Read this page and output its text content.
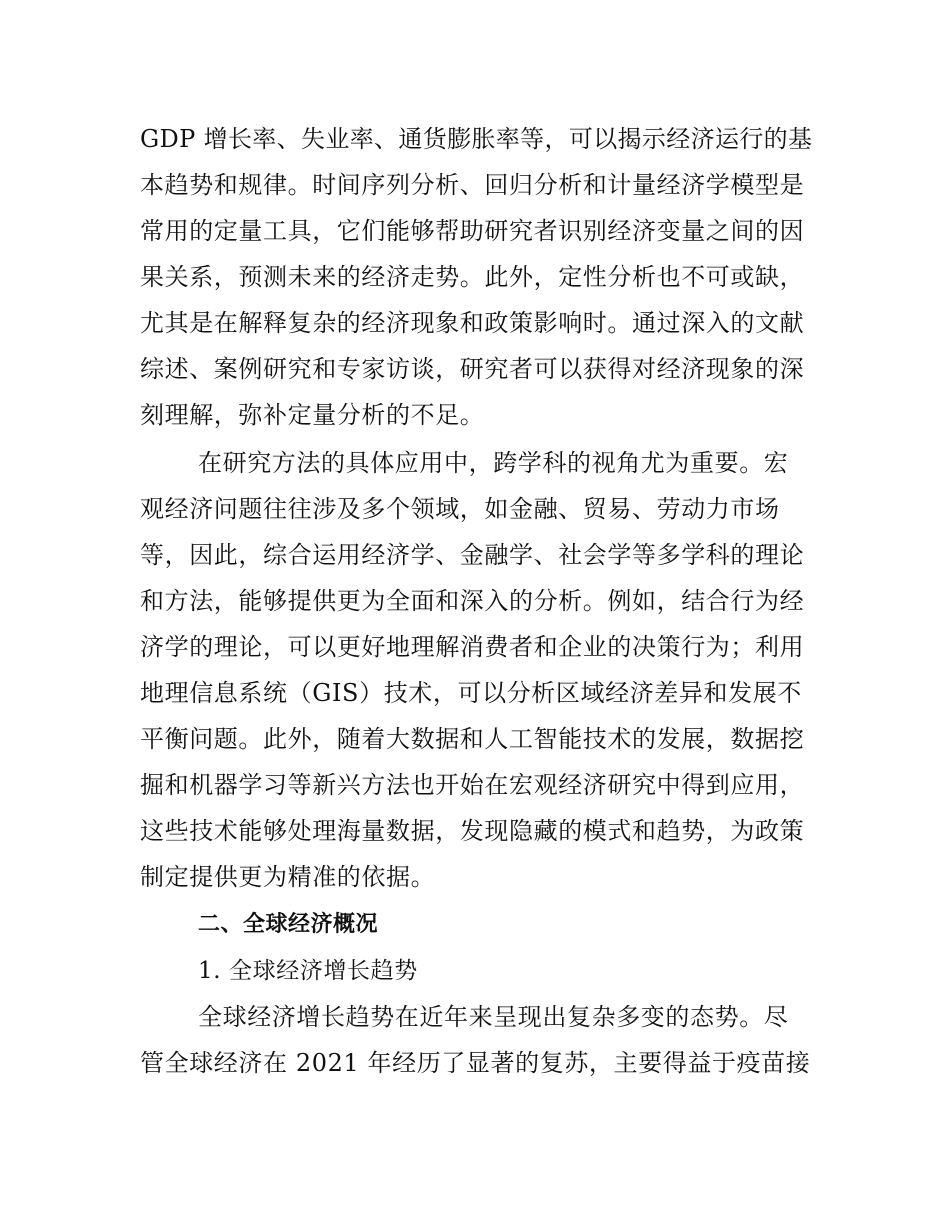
GDP 增长率、失业率、通货膨胀率等，可以揭示经济运行的基
本趋势和规律。时间序列分析、回归分析和计量经济学模型是
常用的定量工具，它们能够帮助研究者识别经济变量之间的因
果关系，预测未来的经济走势。此外，定性分析也不可或缺，
尤其是在解释复杂的经济现象和政策影响时。通过深入的文献
综述、案例研究和专家访谈，研究者可以获得对经济现象的深
刻理解，弥补定量分析的不足。
在研究方法的具体应用中，跨学科的视角尤为重要。宏
观经济问题往往涉及多个领域，如金融、贸易、劳动力市场
等，因此，综合运用经济学、金融学、社会学等多学科的理论
和方法，能够提供更为全面和深入的分析。例如，结合行为经
济学的理论，可以更好地理解消费者和企业的决策行为；利用
地理信息系统（GIS）技术，可以分析区域经济差异和发展不
平衡问题。此外，随着大数据和人工智能技术的发展，数据挖
掘和机器学习等新兴方法也开始在宏观经济研究中得到应用，
这些技术能够处理海量数据，发现隐藏的模式和趋势，为政策
制定提供更为精准的依据。
二、全球经济概况
1. 全球经济增长趋势
全球经济增长趋势在近年来呈现出复杂多变的态势。尽
管全球经济在 2021 年经历了显著的复苏，主要得益于疫苗接
